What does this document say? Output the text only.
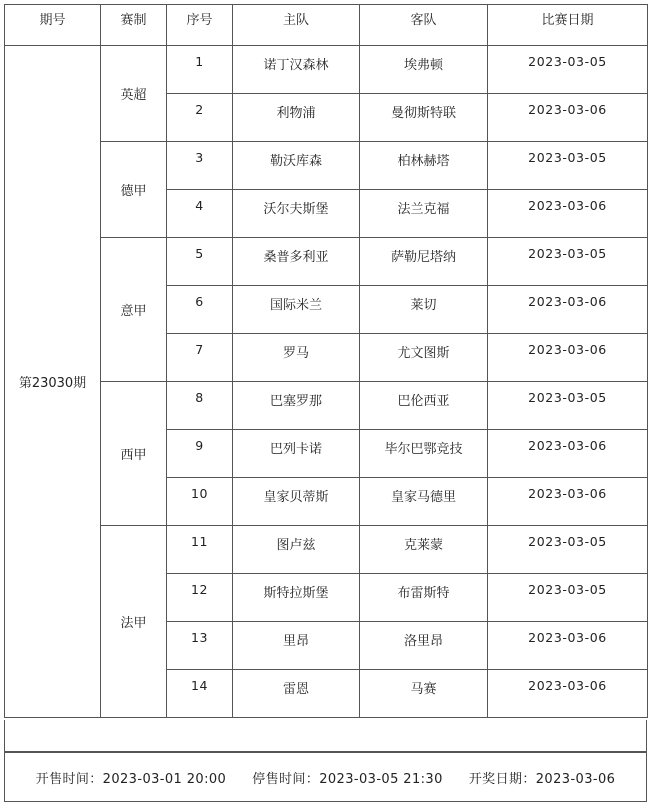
期号	赛制	序号	主队	客队	比赛日期
第23030期	英超	1	诺丁汉森林	埃弗顿	2023-03-05
		2	利物浦	曼彻斯特联	2023-03-06
	德甲	3	勒沃库森	柏林赫塔	2023-03-05
		4	沃尔夫斯堡	法兰克福	2023-03-06
	意甲	5	桑普多利亚	萨勒尼塔纳	2023-03-05
		6	国际米兰	莱切	2023-03-06
		7	罗马	尤文图斯	2023-03-06
	西甲	8	巴塞罗那	巴伦西亚	2023-03-05
		9	巴列卡诺	毕尔巴鄂竞技	2023-03-06
		10	皇家贝蒂斯	皇家马德里	2023-03-06
	法甲	11	图卢兹	克莱蒙	2023-03-05
		12	斯特拉斯堡	布雷斯特	2023-03-05
		13	里昂	洛里昂	2023-03-06
		14	雷恩	马赛	2023-03-06
开售时间：2023-03-01 20:00 停售时间：2023-03-05 21:30 开奖日期：2023-03-06
